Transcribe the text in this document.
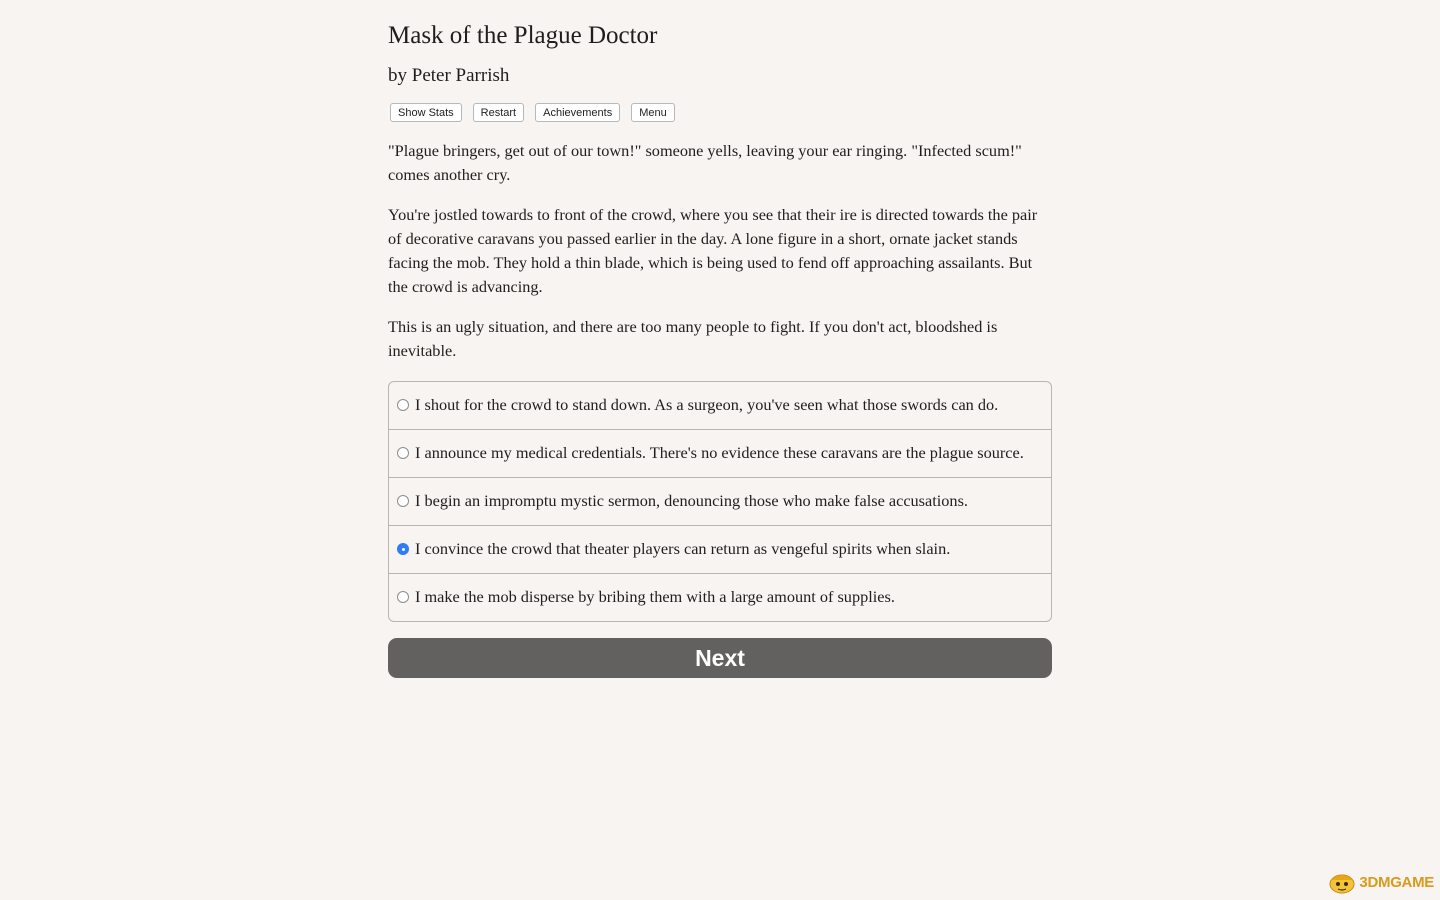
Mask of the Plague Doctor
by Peter Parrish
Show Stats	Restart	Achievements	Menu

"Plague bringers, get out of our town!" someone yells, leaving your ear ringing. "Infected scum!" comes another cry.

You're jostled towards to front of the crowd, where you see that their ire is directed towards the pair of decorative caravans you passed earlier in the day. A lone figure in a short, ornate jacket stands facing the mob. They hold a thin blade, which is being used to fend off approaching assailants. But the crowd is advancing.

This is an ugly situation, and there are too many people to fight. If you don't act, bloodshed is inevitable.

I shout for the crowd to stand down. As a surgeon, you've seen what those swords can do.
I announce my medical credentials. There's no evidence these caravans are the plague source.
I begin an impromptu mystic sermon, denouncing those who make false accusations.
I convince the crowd that theater players can return as vengeful spirits when slain.
I make the mob disperse by bribing them with a large amount of supplies.
Next
3DMGAME
